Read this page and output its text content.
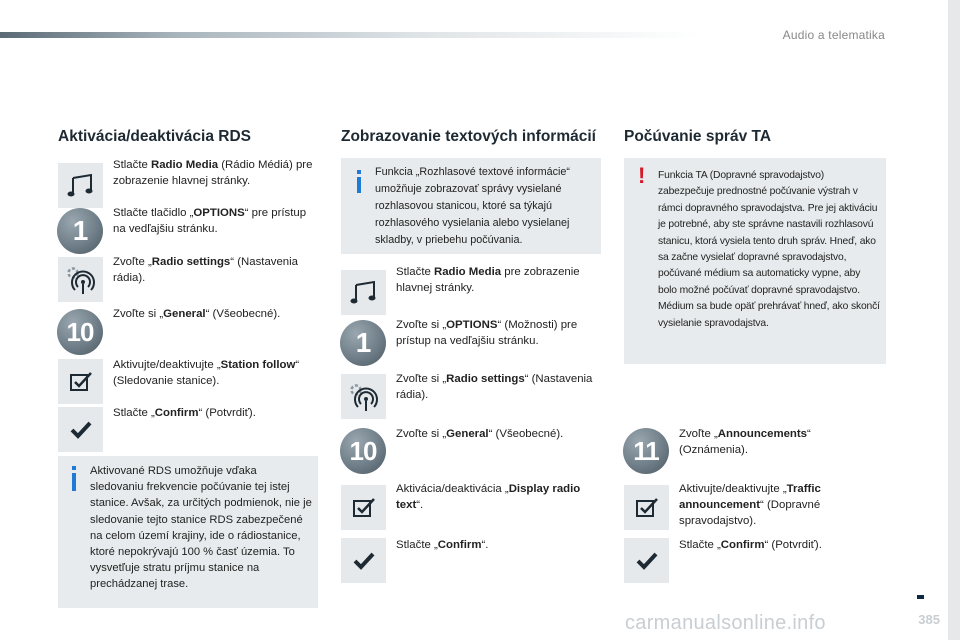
Audio a telematika
Aktivácia/deaktivácia RDS
Stlačte Radio Media (Rádio Médiá) pre zobrazenie hlavnej stránky.
1
Stlačte tlačidlo „OPTIONS“ pre prístup na vedľajšiu stránku.
Zvoľte „Radio settings“ (Nastavenia rádia).
10
Zvoľte si „General“ (Všeobecné).
Aktivujte/deaktivujte „Station follow“ (Sledovanie stanice).
Stlačte „Confirm“ (Potvrdiť).
Aktivované RDS umožňuje vďaka sledovaniu frekvencie počúvanie tej istej stanice. Avšak, za určitých podmienok, nie je sledovanie tejto stanice RDS zabezpečené na celom území krajiny, ide o rádiostanice, ktoré nepokrývajú 100 % časť územia. To vysvetľuje stratu príjmu stanice na prechádzanej trase.
Zobrazovanie textových informácií
Funkcia „Rozhlasové textové informácie“ umožňuje zobrazovať správy vysielané rozhlasovou stanicou, ktoré sa týkajú rozhlasového vysielania alebo vysielanej skladby, v priebehu počúvania.
Stlačte Radio Media pre zobrazenie hlavnej stránky.
1
Zvoľte si „OPTIONS“ (Možnosti) pre prístup na vedľajšiu stránku.
Zvoľte si „Radio settings“ (Nastavenia rádia).
10
Zvoľte si „General“ (Všeobecné).
Aktivácia/deaktivácia „Display radio text“.
Stlačte „Confirm“.
Počúvanie správ TA
! Funkcia TA (Dopravné spravodajstvo) zabezpečuje prednostné počúvanie výstrah v rámci dopravného spravodajstva. Pre jej aktiváciu je potrebné, aby ste správne nastavili rozhlasovú stanicu, ktorá vysiela tento druh správ. Hneď, ako sa začne vysielať dopravné spravodajstvo, počúvané médium sa automaticky vypne, aby bolo možné počúvať dopravné spravodajstvo. Médium sa bude opäť prehrávať hneď, ako skončí vysielanie spravodajstva.
11
Zvoľte „Announcements“ (Oznámenia).
Aktivujte/deaktivujte „Traffic announcement“ (Dopravné spravodajstvo).
Stlačte „Confirm“ (Potvrdiť).
carmanualsonline.info	385
